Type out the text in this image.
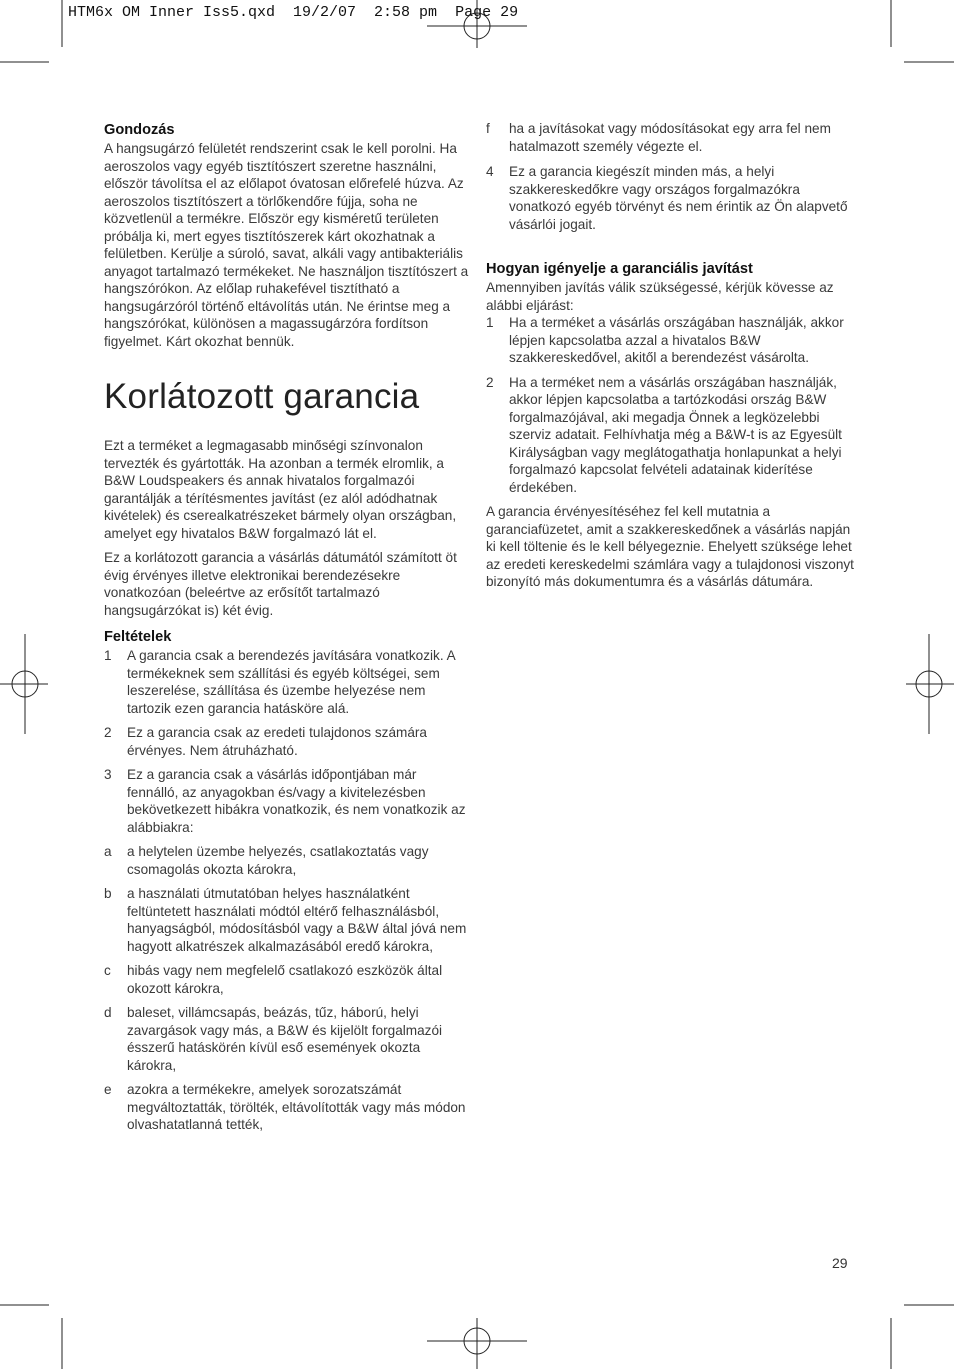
HTM6x OM Inner Iss5.qxd  19/2/07  2:58 pm  Page 29
Gondozás

A hangsugárzó felületét rendszerint csak le kell porolni. Ha aeroszolos vagy egyéb tisztítószert szeretne használni, először távolítsa el az előlapot óvatosan előrefelé húzva. Az aeroszolos tisztítószert a törlőkendőre fújja, soha ne közvetlenül a termékre. Először egy kisméretű területen próbálja ki, mert egyes tisztítószerek kárt okozhatnak a felületben. Kerülje a súroló, savat, alkáli vagy antibakteriális anyagot tartalmazó termékeket. Ne használjon tisztítószert a hangszórókon. Az előlap ruhakefével tisztítható a hangsugárzóról történő eltávolítás után. Ne érintse meg a hangszórókat, különösen a magassugárzóra fordítson figyelmet. Kárt okozhat bennük.

Korlátozott garancia

Ezt a terméket a legmagasabb minőségi színvonalon tervezték és gyártották. Ha azonban a termék elromlik, a B&W Loudspeakers és annak hivatalos forgalmazói garantálják a térítésmentes javítást (ez alól adódhatnak kivételek) és cserealkatrészeket bármely olyan országban, amelyet egy hivatalos B&W forgalmazó lát el.

Ez a korlátozott garancia a vásárlás dátumától számított öt évig érvényes illetve elektronikai berendezésekre vonatkozóan (beleértve az erősítőt tartalmazó hangsugárzókat is) két évig.

Feltételek
1	A garancia csak a berendezés javítására vonatkozik. A termékeknek sem szállítási és egyéb költségei, sem leszerelése, szállítása és üzembe helyezése nem tartozik ezen garancia hatásköre alá.
2	Ez a garancia csak az eredeti tulajdonos számára érvényes. Nem átruházható.
3	Ez a garancia csak a vásárlás időpontjában már fennálló, az anyagokban és/vagy a kivitelezésben bekövetkezett hibákra vonatkozik, és nem vonatkozik az alábbiakra:
a	a helytelen üzembe helyezés, csatlakoztatás vagy csomagolás okozta károkra,
b	a használati útmutatóban helyes használatként feltüntetett használati módtól eltérő felhasználásból, hanyagságból, módosításból vagy a B&W által jóvá nem hagyott alkatrészek alkalmazásából eredő károkra,
c	hibás vagy nem megfelelő csatlakozó eszközök által okozott károkra,
d	baleset, villámcsapás, beázás, tűz, háború, helyi zavargások vagy más, a B&W és kijelölt forgalmazói ésszerű hatáskörén kívül eső események okozta károkra,
e	azokra a termékekre, amelyek sorozatszámát megváltoztatták, törölték, eltávolították vagy más módon olvashatatlanná tették,
f	ha a javításokat vagy módosításokat egy arra fel nem hatalmazott személy végezte el.
4	Ez a garancia kiegészít minden más, a helyi szakkereskedőkre vagy országos forgalmazókra vonatkozó egyéb törvényt és nem érintik az Ön alapvető vásárlói jogait.
Hogyan igényelje a garanciális javítást

Amennyiben javítás válik szükségessé, kérjük kövesse az alábbi eljárást:

1	Ha a terméket a vásárlás országában használják, akkor lépjen kapcsolatba azzal a hivatalos B&W szakkereskedővel, akitől a berendezést vásárolta.
2	Ha a terméket nem a vásárlás országában használják, akkor lépjen kapcsolatba a tartózkodási ország B&W forgalmazójával, aki megadja Önnek a legközelebbi szerviz adatait. Felhívhatja még a B&W-t is az Egyesült Királyságban vagy meglátogathatja honlapunkat a helyi forgalmazó kapcsolat felvételi adatainak kiderítése érdekében.

A garancia érvényesítéséhez fel kell mutatnia a garanciafüzetet, amit a szakkereskedőnek a vásárlás napján ki kell töltenie és le kell bélyegeznie. Ehelyett szüksége lehet az eredeti kereskedelmi számlára vagy a tulajdonosi viszonyt bizonyító más dokumentumra és a vásárlás dátumára.

29
